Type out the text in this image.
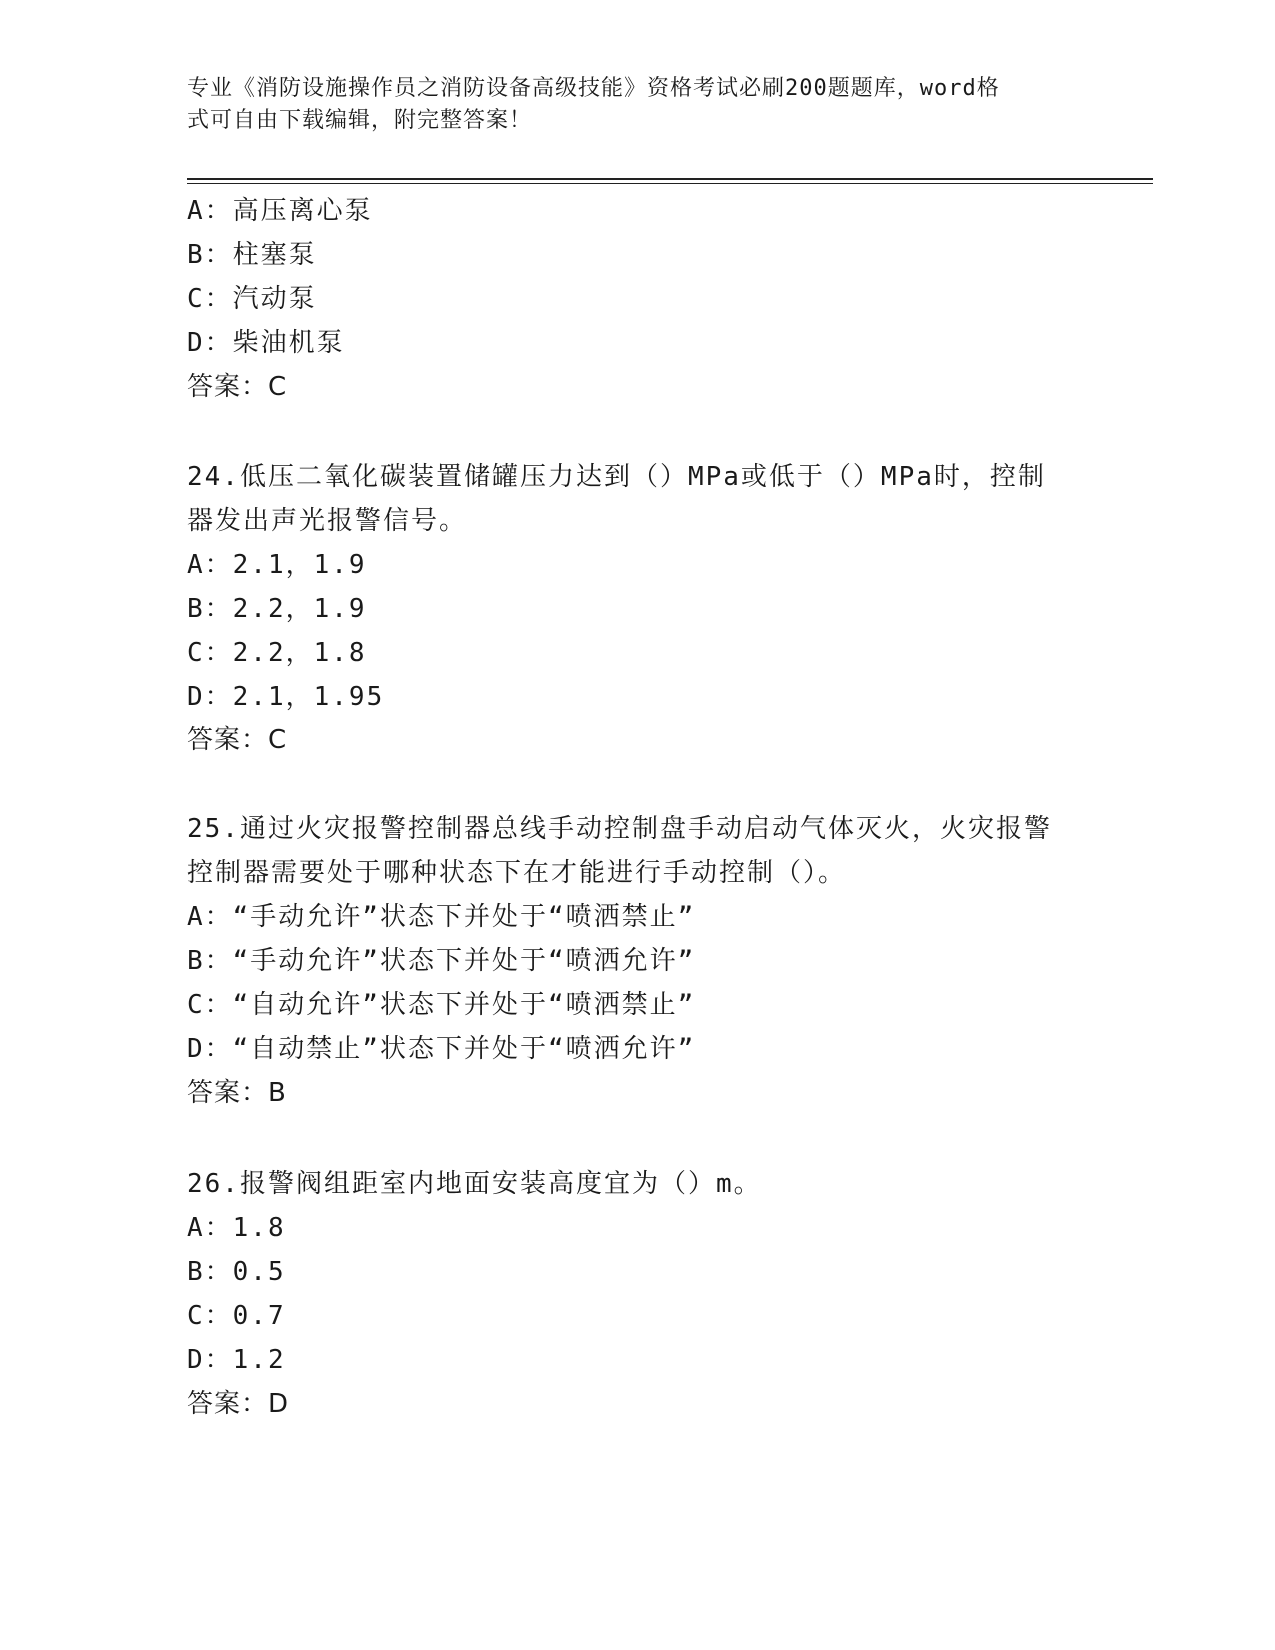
专业《消防设施操作员之消防设备高级技能》资格考试必刷200题题库，word格
式可自由下载编辑，附完整答案！
A：高压离心泵
B：柱塞泵
C：汽动泵
D：柴油机泵
答案：C
24.低压二氧化碳装置储罐压力达到（）MPa或低于（）MPa时，控制
器发出声光报警信号。
A：2.1，1.9
B：2.2，1.9
C：2.2，1.8
D：2.1，1.95
答案：C
25.通过火灾报警控制器总线手动控制盘手动启动气体灭火，火灾报警
控制器需要处于哪种状态下在才能进行手动控制（）。
A：“手动允许”状态下并处于“喷洒禁止”
B：“手动允许”状态下并处于“喷洒允许”
C：“自动允许”状态下并处于“喷洒禁止”
D：“自动禁止”状态下并处于“喷洒允许”
答案：B
26.报警阀组距室内地面安装高度宜为（）m。
A：1.8
B：0.5
C：0.7
D：1.2
答案：D
